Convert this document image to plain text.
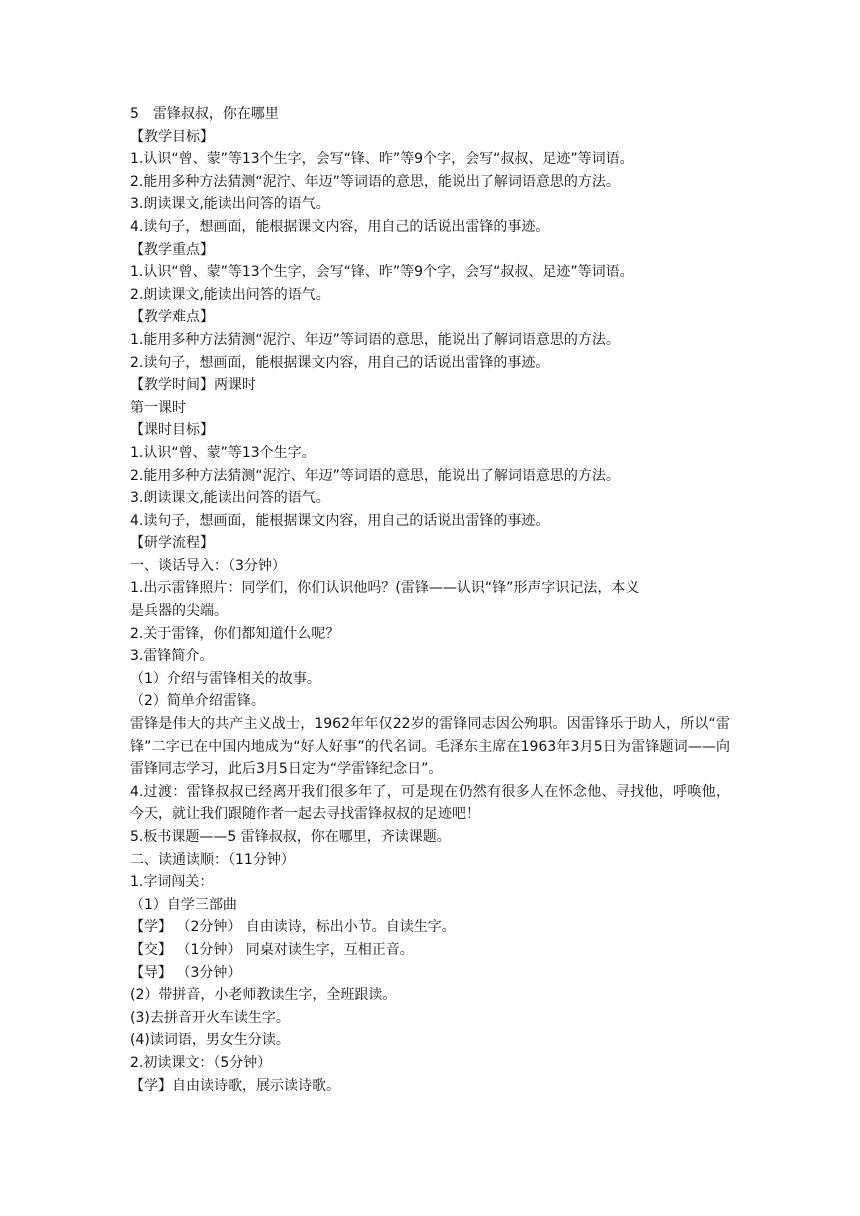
5　雷锋叔叔，你在哪里
【教学目标】
1.认识“曾、蒙”等13个生字，会写“锋、昨”等9个字，会写“叔叔、足迹”等词语。
2.能用多种方法猜测“泥泞、年迈”等词语的意思，能说出了解词语意思的方法。
3.朗读课文,能读出问答的语气。
4.读句子，想画面，能根据课文内容，用自己的话说出雷锋的事迹。
【教学重点】
1.认识“曾、蒙”等13个生字，会写“锋、昨”等9个字，会写“叔叔、足迹”等词语。
2.朗读课文,能读出问答的语气。
【教学难点】
1.能用多种方法猜测“泥泞、年迈”等词语的意思，能说出了解词语意思的方法。
2.读句子，想画面，能根据课文内容，用自己的话说出雷锋的事迹。
【教学时间】两课时
第一课时
【课时目标】
1.认识“曾、蒙”等13个生字。
2.能用多种方法猜测“泥泞、年迈”等词语的意思，能说出了解词语意思的方法。
3.朗读课文,能读出问答的语气。
4.读句子，想画面，能根据课文内容，用自己的话说出雷锋的事迹。
【研学流程】
一、谈话导入：（3分钟）
1.出示雷锋照片：同学们，你们认识他吗？(雷锋——认识“锋”形声字识记法，本义
是兵器的尖端。
2.关于雷锋，你们都知道什么呢？
3.雷锋简介。
（1）介绍与雷锋相关的故事。
（2）简单介绍雷锋。
雷锋是伟大的共产主义战士，1962年年仅22岁的雷锋同志因公殉职。因雷锋乐于助人，所以“雷锋”二字已在中国内地成为“好人好事”的代名词。毛泽东主席在1963年3月5日为雷锋题词——向雷锋同志学习，此后3月5日定为“学雷锋纪念日”。
4.过渡：雷锋叔叔已经离开我们很多年了，可是现在仍然有很多人在怀念他、寻找他，呼唤他，今天，就让我们跟随作者一起去寻找雷锋叔叔的足迹吧！
5.板书课题——5 雷锋叔叔，你在哪里，齐读课题。
二、读通读顺：（11分钟）
1.字词闯关：
（1）自学三部曲
【学】 （2分钟） 自由读诗，标出小节。自读生字。
【交】 （1分钟） 同桌对读生字，互相正音。
【导】 （3分钟）
(2）带拼音，小老师教读生字，全班跟读。
(3)去拼音开火车读生字。
(4)读词语，男女生分读。
2.初读课文：（5分钟）
【学】自由读诗歌，展示读诗歌。
